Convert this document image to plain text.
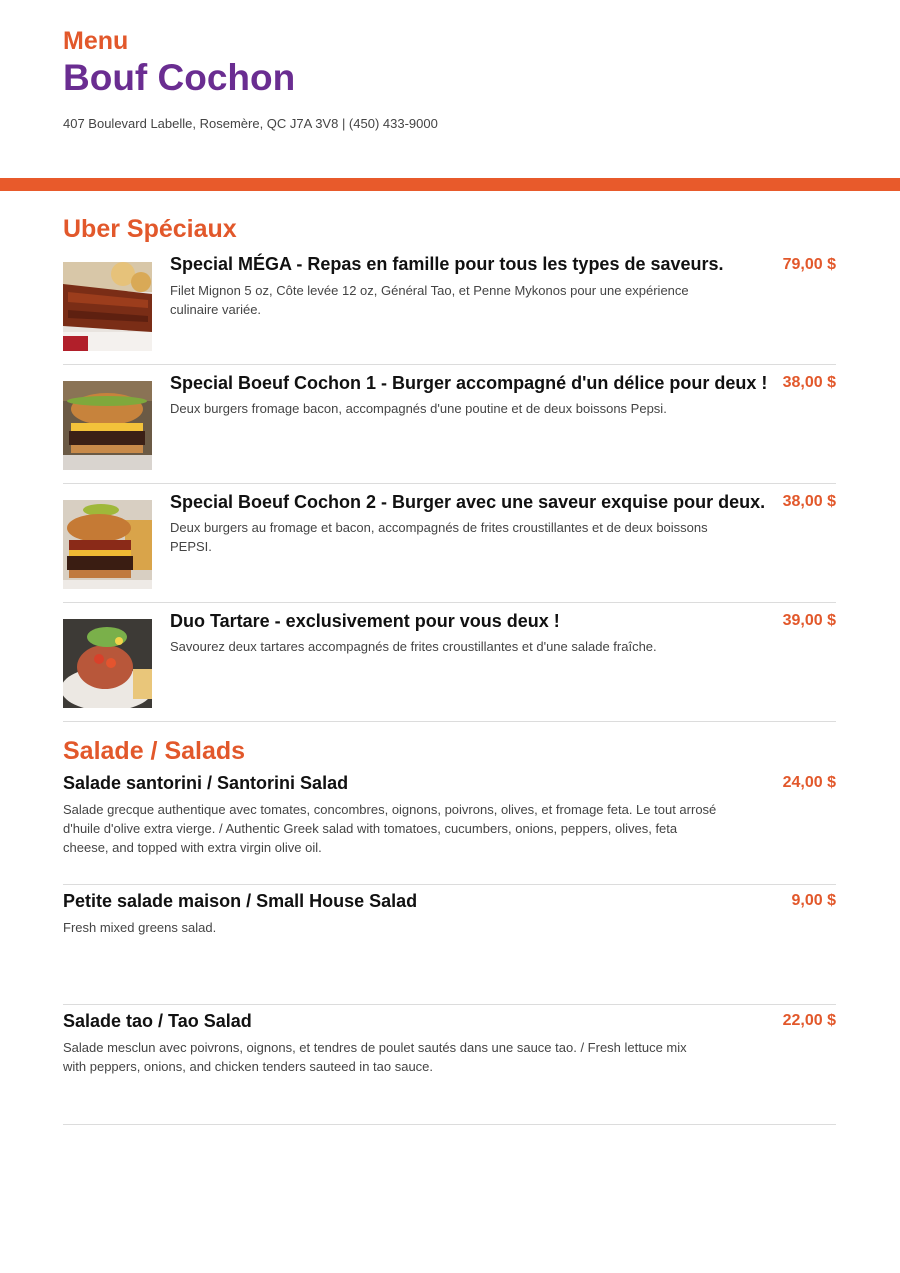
Menu
Bouf Cochon
407 Boulevard Labelle, Rosemère, QC J7A 3V8 | (450) 433-9000
Uber Spéciaux
Special MÉGA - Repas en famille pour tous les types de saveurs.	79,00 $
Filet Mignon 5 oz, Côte levée 12 oz, Général Tao, et Penne Mykonos pour une expérience culinaire variée.
Special Boeuf Cochon 1 - Burger accompagné d'un délice pour deux ! 38,00 $
Deux burgers fromage bacon, accompagnés d'une poutine et de deux boissons Pepsi.
Special Boeuf Cochon 2 - Burger avec une saveur exquise pour deux. 38,00 $
Deux burgers au fromage et bacon, accompagnés de frites croustillantes et de deux boissons PEPSI.
Duo Tartare - exclusivement pour vous deux !	39,00 $
Savourez deux tartares accompagnés de frites croustillantes et d'une salade fraîche.
Salade / Salads
Salade santorini / Santorini Salad	24,00 $
Salade grecque authentique avec tomates, concombres, oignons, poivrons, olives, et fromage feta. Le tout arrosé d'huile d'olive extra vierge. / Authentic Greek salad with tomatoes, cucumbers, onions, peppers, olives, feta cheese, and topped with extra virgin olive oil.
Petite salade maison / Small House Salad	9,00 $
Fresh mixed greens salad.
Salade tao / Tao Salad	22,00 $
Salade mesclun avec poivrons, oignons, et tendres de poulet sautés dans une sauce tao. / Fresh lettuce mix with peppers, onions, and chicken tenders sauteed in tao sauce.
